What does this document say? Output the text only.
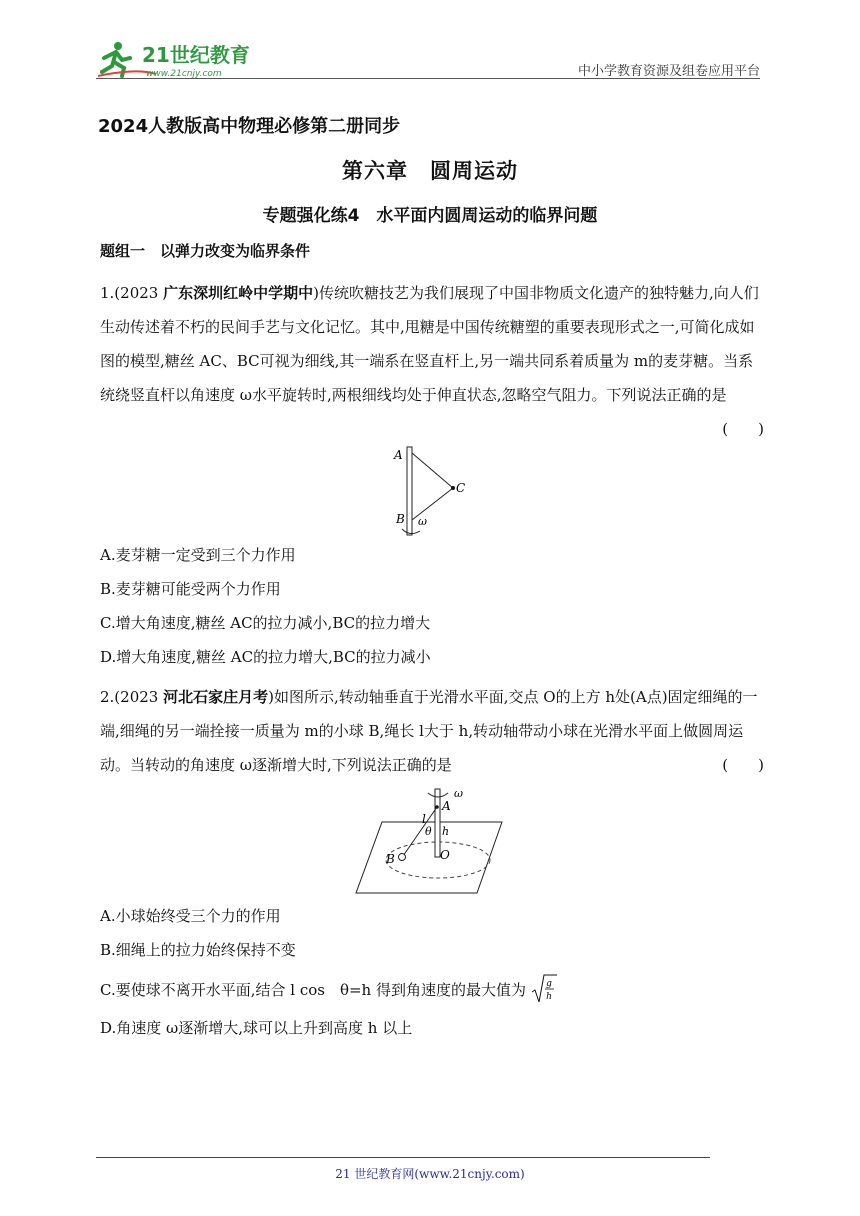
21世纪教育
www.21cnjy.com	中小学教育资源及组卷应用平台
2024人教版高中物理必修第二册同步
第六章　圆周运动
专题强化练4　水平面内圆周运动的临界问题
题组一　以弹力改变为临界条件
1.(2023 广东深圳红岭中学期中)传统吹糖技艺为我们展现了中国非物质文化遗产的独特魅力,向人们生动传述着不朽的民间手艺与文化记忆。其中,甩糖是中国传统糖塑的重要表现形式之一,可简化成如图的模型,糖丝 AC、BC可视为细线,其一端系在竖直杆上,另一端共同系着质量为 m的麦芽糖。当系统绕竖直杆以角速度 ω水平旋转时,两根细线均处于伸直状态,忽略空气阻力。下列说法正确的是
(　　)
A
B
C
ω
A.麦芽糖一定受到三个力作用
B.麦芽糖可能受两个力作用
C.增大角速度,糖丝 AC的拉力减小,BC的拉力增大
D.增大角速度,糖丝 AC的拉力增大,BC的拉力减小
2.(2023 河北石家庄月考)如图所示,转动轴垂直于光滑水平面,交点 O的上方 h处(A点)固定细绳的一端,细绳的另一端拴接一质量为 m的小球 B,绳长 l大于 h,转动轴带动小球在光滑水平面上做圆周运动。当转动的角速度 ω逐渐增大时,下列说法正确的是	(　　)
ω
A
l
θ h
B	O
A.小球始终受三个力的作用
B.细绳上的拉力始终保持不变
C.要使球不离开水平面,结合 l cos　θ=h 得到角速度的最大值为 g
h
D.角速度 ω逐渐增大,球可以上升到高度 h 以上
21 世纪教育网(www.21cnjy.com)
